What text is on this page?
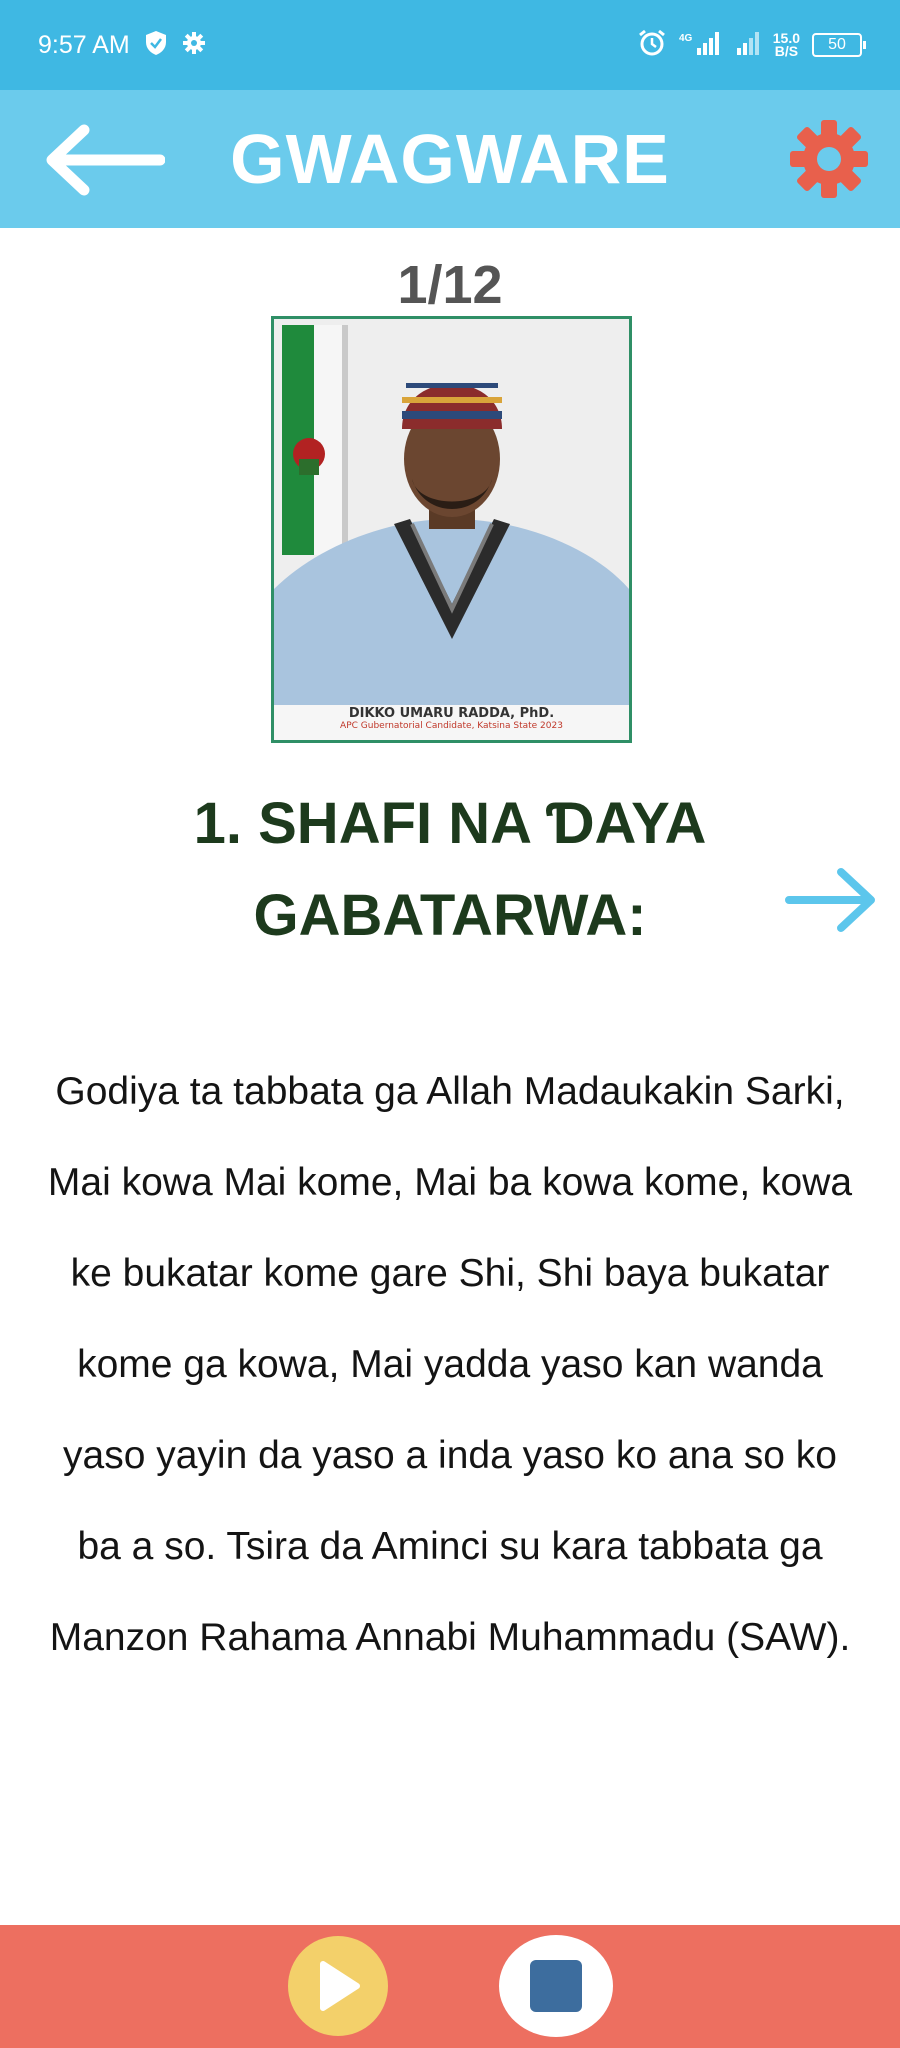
9:57 AM	4G	15.0
B/S 50
GWAGWARE
1/12
DIKKO UMARU RADDA, PhD.
APC Gubernatorial Candidate, Katsina State 2023
1. SHAFI NA ƊAYA GABATARWA:
Godiya ta tabbata ga Allah Madaukakin Sarki, Mai kowa Mai kome, Mai ba kowa kome, kowa ke bukatar kome gare Shi, Shi baya bukatar kome ga kowa, Mai yadda yaso kan wanda yaso yayin da yaso a inda yaso ko ana so ko ba a so. Tsira da Aminci su kara tabbata ga Manzon Rahama Annabi Muhammadu (SAW).
